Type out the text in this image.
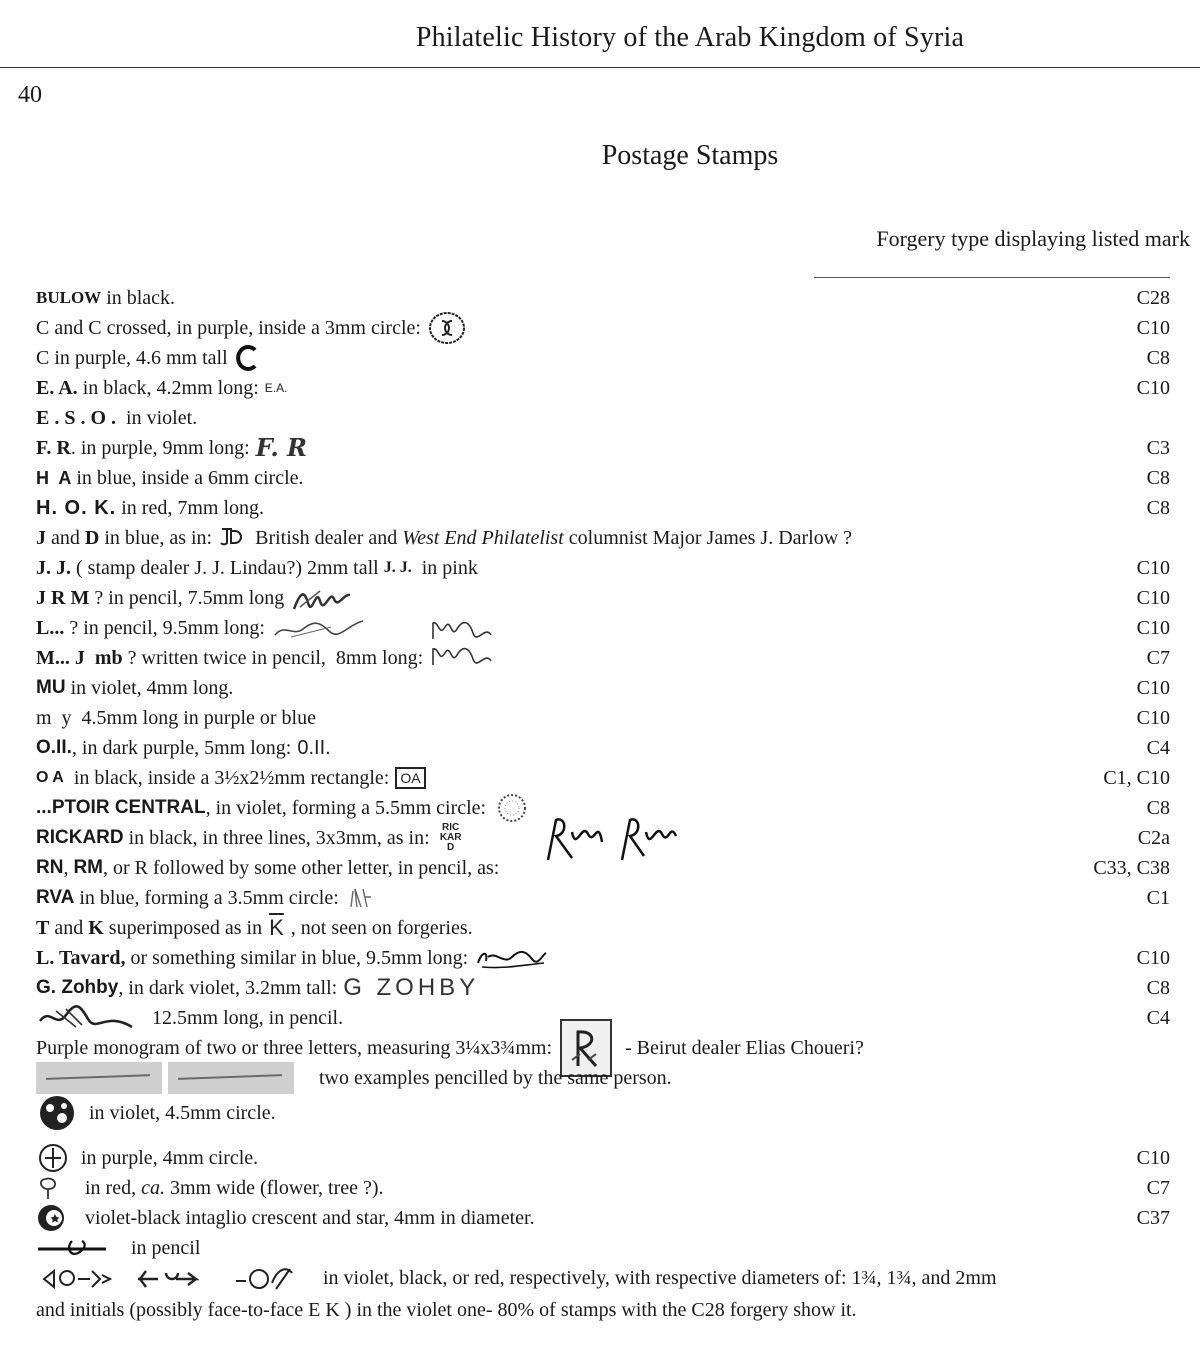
Philatelic History of the Arab Kingdom of Syria
40
Postage Stamps
Forgery type displaying listed mark
BULOW in black.	C28
C and C crossed, in purple, inside a 3mm circle:	C10
C in purple, 4.6 mm tall	C8
E. A. in black, 4.2mm long: E.A.	C10
E . S . O . in violet.
F. R . in purple, 9mm long: F. R	C3
H  A in blue, inside a 6mm circle.	C8
H. O. K. in red, 7mm long.	C8
J and D in blue, as in: British dealer and West End Philatelist columnist Major James J. Darlow ?
J. J. ( stamp dealer J. J. Lindau?) 2mm tall J. J. in pink	C10
J R M ? in pencil, 7.5mm long	C10
L... ? in pencil, 9.5mm long:	C10
M... J  mb ? written twice in pencil,  8mm long:	C7
MU in violet, 4mm long.	C10
m  y  4.5mm long in purple or blue	C10
O.II. , in dark purple, 5mm long: 0.II.	C4
O A in black, inside a 3½x2½mm rectangle: OA	C1, C10
...PTOIR CENTRAL , in violet, forming a 5.5mm circle:	C8
RICKARD in black, in three lines, 3x3mm, as in:	RIC KAR D	C2a
RN , RM , or R followed by some other letter, in pencil, as:	C33, C38
RVA in blue, forming a 3.5mm circle:	C1
T and K superimposed as in $\overline{K}$ , not seen on forgeries.
L. Tavard, or something similar in blue, 9.5mm long:	C10
G. Zohby , in dark violet, 3.2mm tall: G ZOHBY	C8
12.5mm long, in pencil.	C4
Purple monogram of two or three letters, measuring 3¼x3¾mm:	- Beirut dealer Elias Choueri?
two examples pencilled by the same person.
in violet, 4.5mm circle.
in purple, 4mm circle.	C10
in red, ca. 3mm wide (flower, tree ?).	C7
violet-black intaglio crescent and star, 4mm in diameter.	C37
in pencil
in violet, black, or red, respectively, with respective diameters of: 1¾, 1¾, and 2mm
and initials (possibly face-to-face E K ) in the violet one- 80% of stamps with the C28 forgery show it.
